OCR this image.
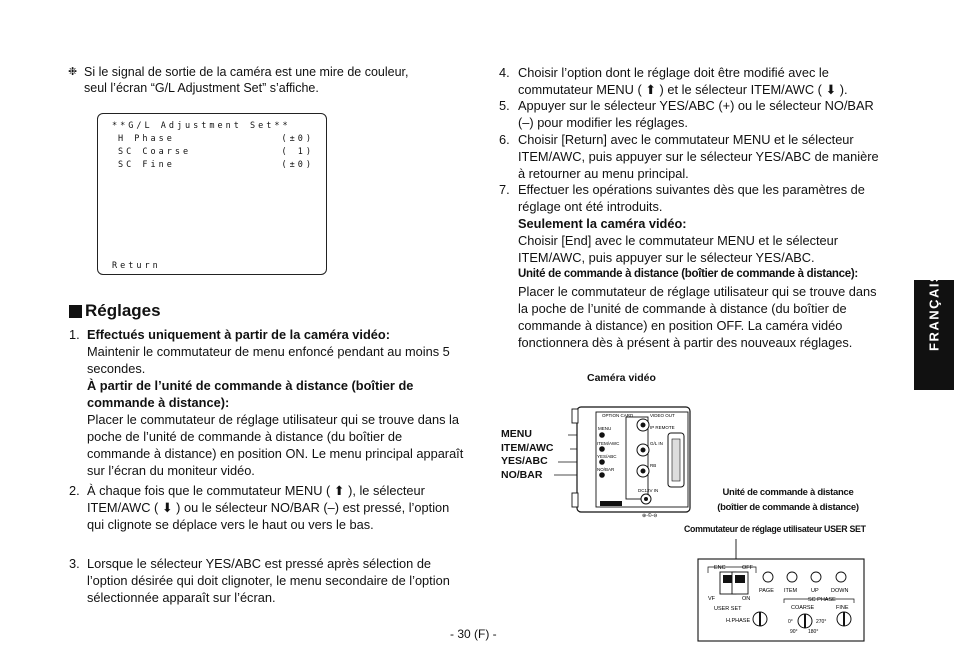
❉ Si le signal de sortie de la caméra est une mire de couleur, seul l’écran “G/L Adjustment Set” s’affiche.

**G/L Adjustment Set**
H Phase	(±0)
SC Coarse	( 1)
SC Fine	(±0)
Return
Réglages
1. Effectués uniquement à partir de la caméra vidéo:
Maintenir le commutateur de menu enfoncé pendant au moins 5 secondes.
À partir de l’unité de commande à distance (boîtier de commande à distance):
Placer le commutateur de réglage utilisateur qui se trouve dans la poche de l’unité de commande à distance (du boîtier de commande à distance) en position ON. Le menu principal apparaît sur l’écran du moniteur vidéo.
2. À chaque fois que le commutateur MENU ( ⬆ ), le sélecteur ITEM/AWC ( ⬇ ) ou le sélecteur NO/BAR (–) est pressé, l’option qui clignote se déplace vers le haut ou vers le bas.
3. Lorsque le sélecteur YES/ABC est pressé après sélection de l’option désirée qui doit clignoter, le menu secondaire de l’option sélectionnée apparaît sur l’écran.
4. Choisir l’option dont le réglage doit être modifié avec le commutateur MENU ( ⬆ ) et le sélecteur ITEM/AWC ( ⬇ ).
5. Appuyer sur le sélecteur YES/ABC (+) ou le sélecteur NO/BAR (–) pour modifier les réglages.
6. Choisir [Return] avec le commutateur MENU et le sélecteur ITEM/AWC, puis appuyer sur le sélecteur YES/ABC de manière à retourner au menu principal.
7. Effectuer les opérations suivantes dès que les paramètres de réglage ont été introduits.
Seulement la caméra vidéo:
Choisir [End] avec le commutateur MENU et le sélecteur ITEM/AWC, puis appuyer sur le sélecteur YES/ABC.
Unité de commande à distance (boîtier de commande à distance):
Placer le commutateur de réglage utilisateur qui se trouve dans la poche de l’unité de commande à distance (du boîtier de commande à distance) en position OFF. La caméra vidéo fonctionnera dès à présent à partir des nouveaux réglages.	FRANÇAIS
Caméra vidéo
MENU
ITEM/AWC
YES/ABC
NO/BAR
OPTION CARD	VIDEO OUT
IP REMOTE
MENU
ITEM/AWC
YES/ABC
NO/BAR
G/L IN
RB
DC12V IN
⊕-©-⊖
Unité de commande à distance
(boîtier de commande à distance)
Commutateur de réglage utilisateur USER SET
ENC	OFF
VF	ON
USER SET
PAGE ITEM	UP DOWN
SC PHASE
COARSE	FINE
H.PHASE	0°	270°
90° 180°
- 30 (F) -
